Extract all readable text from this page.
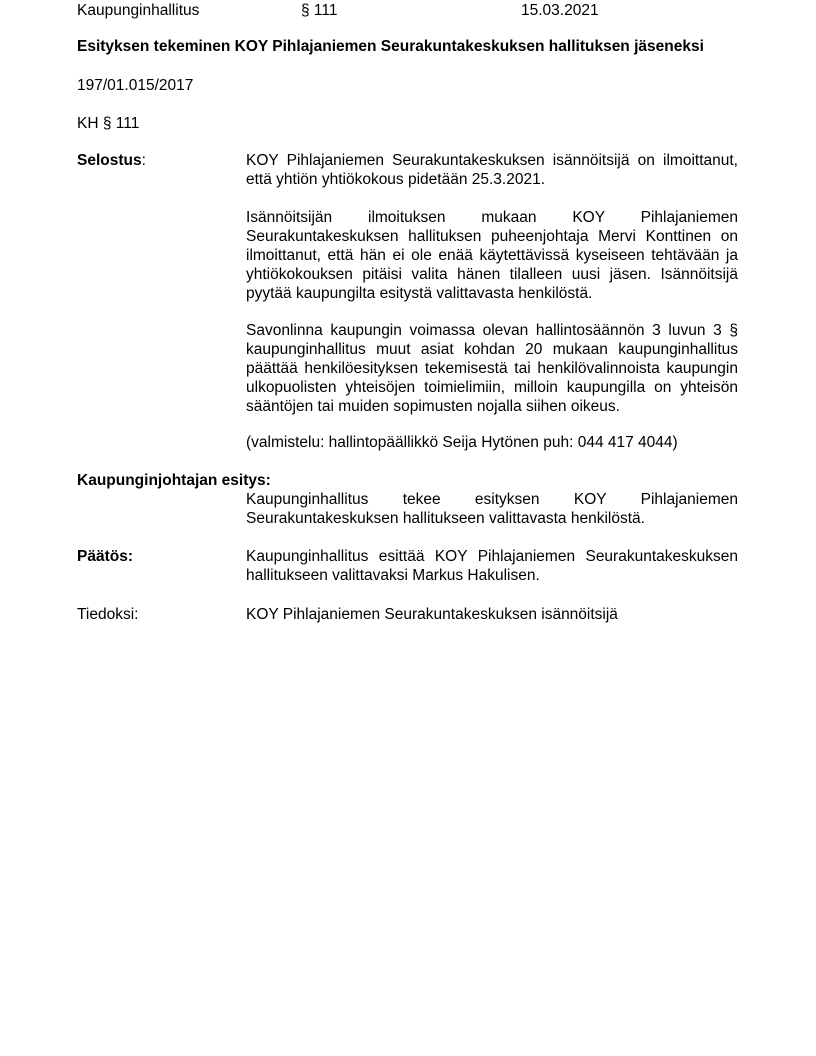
Kaupunginhallitus	§ 111	15.03.2021
Esityksen tekeminen KOY Pihlajaniemen Seurakuntakeskuksen hallituksen jäseneksi
197/01.015/2017
KH § 111
Selostus:	KOY Pihlajaniemen Seurakuntakeskuksen isännöitsijä on ilmoittanut, että yhtiön yhtiökokous pidetään 25.3.2021.
Isännöitsijän ilmoituksen mukaan KOY Pihlajaniemen Seurakuntakeskuksen hallituksen puheenjohtaja Mervi Konttinen on ilmoittanut, että hän ei ole enää käytettävissä kyseiseen tehtävään ja yhtiökokouksen pitäisi valita hänen tilalleen uusi jäsen. Isännöitsijä pyytää kaupungilta esitystä valittavasta henkilöstä.
Savonlinna kaupungin voimassa olevan hallintosäännön 3 luvun 3 § kaupunginhallitus muut asiat kohdan 20 mukaan kaupunginhallitus päättää henkilöesityksen tekemisestä tai henkilövalinnoista kaupungin ulkopuolisten yhteisöjen toimielimiin, milloin kaupungilla on yhteisön sääntöjen tai muiden sopimusten nojalla siihen oikeus.
(valmistelu: hallintopäällikkö Seija Hytönen puh: 044 417 4044)
Kaupunginjohtajan esitys:
Kaupunginhallitus tekee esityksen KOY Pihlajaniemen Seurakuntakeskuksen hallitukseen valittavasta henkilöstä.
Päätös:	Kaupunginhallitus esittää KOY Pihlajaniemen Seurakuntakeskuksen hallitukseen valittavaksi Markus Hakulisen.
Tiedoksi:	KOY Pihlajaniemen Seurakuntakeskuksen isännöitsijä
